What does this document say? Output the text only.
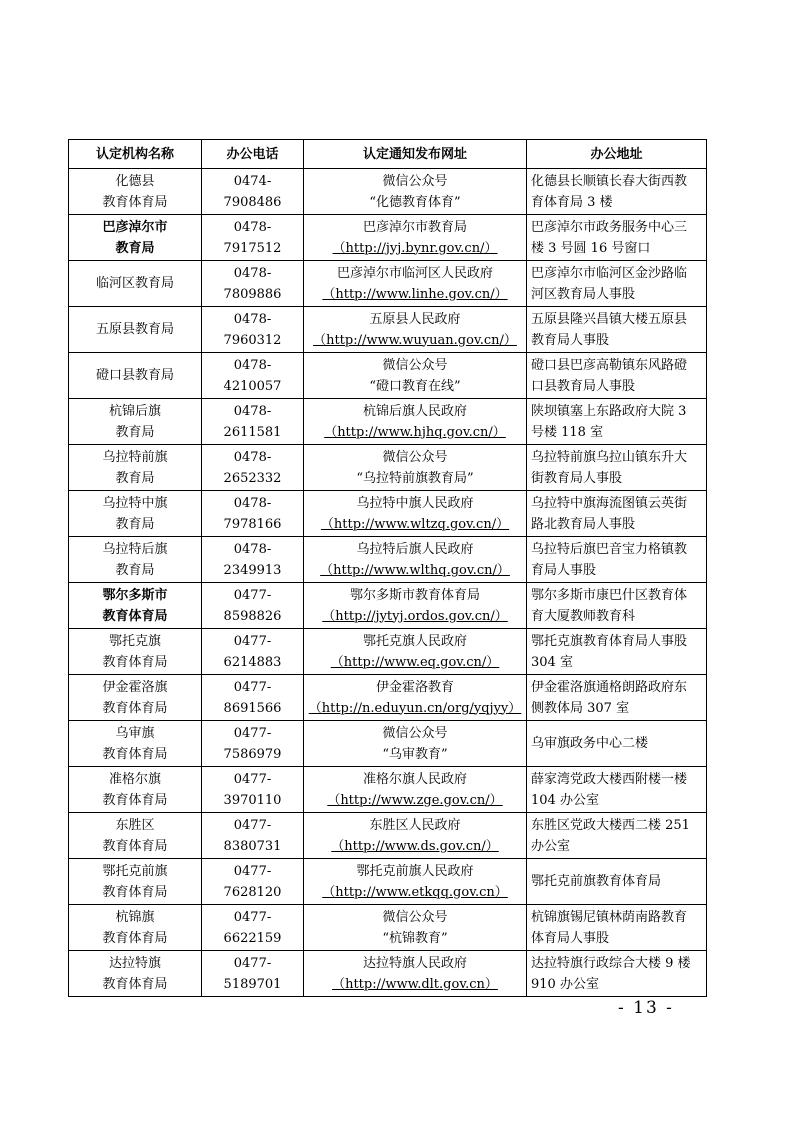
认定机构名称	办公电话	认定通知发布网址	办公地址

化德县
教育体育局	0474-7908486	微信公众号
“化德教育体育”	化德县长顺镇长春大街西教
育体育局 3 楼

巴彦淖尔市
教育局	0478-7917512	巴彦淖尔市教育局
（http://jyj.bynr.gov.cn/）	巴彦淖尔市政务服务中心三
楼 3 号圆 16 号窗口

临河区教育局	0478-7809886	巴彦淖尔市临河区人民政府
（http://www.linhe.gov.cn/）	巴彦淖尔市临河区金沙路临
河区教育局人事股

五原县教育局	0478-7960312	五原县人民政府
（http://www.wuyuan.gov.cn/）	五原县隆兴昌镇大楼五原县
教育局人事股

磴口县教育局	0478-4210057	微信公众号
“磴口教育在线”	磴口县巴彦高勒镇东风路磴
口县教育局人事股

杭锦后旗
教育局	0478-2611581	杭锦后旗人民政府
（http://www.hjhq.gov.cn/）	陕坝镇塞上东路政府大院 3
号楼 118 室

乌拉特前旗
教育局	0478-2652332	微信公众号
“乌拉特前旗教育局”	乌拉特前旗乌拉山镇东升大
街教育局人事股

乌拉特中旗
教育局	0478-7978166	乌拉特中旗人民政府
（http://www.wltzq.gov.cn/）	乌拉特中旗海流图镇云英街
路北教育局人事股

乌拉特后旗
教育局	0478-2349913	乌拉特后旗人民政府
（http://www.wlthq.gov.cn/）	乌拉特后旗巴音宝力格镇教
育局人事股

鄂尔多斯市
教育体育局	0477-8598826	鄂尔多斯市教育体育局
（http://jytyj.ordos.gov.cn/）	鄂尔多斯市康巴什区教育体
育大厦教师教育科

鄂托克旗
教育体育局	0477-6214883	鄂托克旗人民政府
（http://www.eq.gov.cn/）	鄂托克旗教育体育局人事股
304 室

伊金霍洛旗
教育体育局	0477-8691566	伊金霍洛教育
（http://n.eduyun.cn/org/yqjyy）	伊金霍洛旗通格朗路政府东
侧教体局 307 室

乌审旗
教育体育局	0477-7586979	微信公众号
“乌审教育”	乌审旗政务中心二楼

准格尔旗
教育体育局	0477-3970110	准格尔旗人民政府
（http://www.zge.gov.cn/）	薛家湾党政大楼西附楼一楼
104 办公室

东胜区
教育体育局	0477-8380731	东胜区人民政府
（http://www.ds.gov.cn/）	东胜区党政大楼西二楼 251
办公室

鄂托克前旗
教育体育局	0477-7628120	鄂托克前旗人民政府
（http://www.etkqq.gov.cn）	鄂托克前旗教育体育局

杭锦旗
教育体育局	0477-6622159	微信公众号
“杭锦教育”	杭锦旗锡尼镇林荫南路教育
体育局人事股

达拉特旗
教育体育局	0477-5189701	达拉特旗人民政府
（http://www.dlt.gov.cn）	达拉特旗行政综合大楼 9 楼
910 办公室
- 13 -
